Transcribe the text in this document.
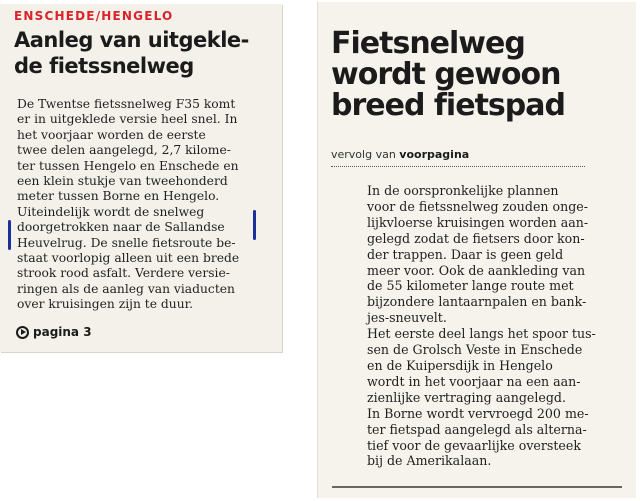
ENSCHEDE/HENGELO
Aanleg van uitgekle-
de fietssnelweg
De Twentse fietssnelweg F35 komt
er in uitgeklede versie heel snel. In
het voorjaar worden de eerste
twee delen aangelegd, 2,7 kilome-
ter tussen Hengelo en Enschede en
een klein stukje van tweehonderd
meter tussen Borne en Hengelo.
Uiteindelijk wordt de snelweg
doorgetrokken naar de Sallandse
Heuvelrug. De snelle fietsroute be-
staat voorlopig alleen uit een brede
strook rood asfalt. Verdere versie-
ringen als de aanleg van viaducten
over kruisingen zijn te duur.
pagina 3
Fietsnelweg
wordt gewoon
breed fietspad
vervolg van voorpagina
In de oorspronkelijke plannen
voor de fietssnelweg zouden onge-
lijkvloerse kruisingen worden aan-
gelegd zodat de fietsers door kon-
der trappen. Daar is geen geld
meer voor. Ook de aankleding van
de 55 kilometer lange route met
bijzondere lantaarnpalen en bank-
jes-sneuvelt.
Het eerste deel langs het spoor tus-
sen de Grolsch Veste in Enschede
en de Kuipersdijk in Hengelo
wordt in het voorjaar na een aan-
zienlijke vertraging aangelegd.
In Borne wordt vervroegd 200 me-
ter fietspad aangelegd als alterna-
tief voor de gevaarlijke oversteek
bij de Amerikalaan.
